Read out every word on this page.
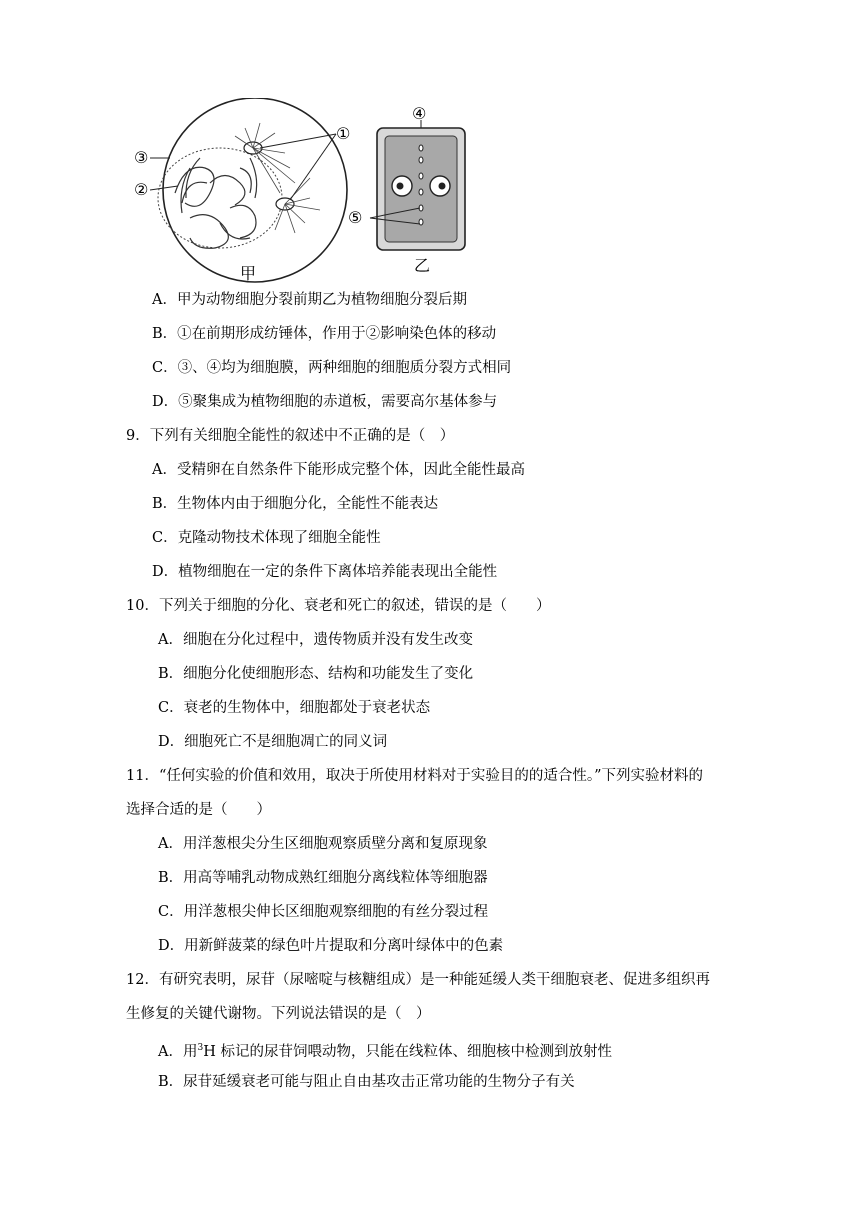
③
②
①
④
⑤
甲	乙
A．甲为动物细胞分裂前期乙为植物细胞分裂后期
B．①在前期形成纺锤体，作用于②影响染色体的移动
C．③、④均为细胞膜，两种细胞的细胞质分裂方式相同
D．⑤聚集成为植物细胞的赤道板，需要高尔基体参与
9．下列有关细胞全能性的叙述中不正确的是（　）
A．受精卵在自然条件下能形成完整个体，因此全能性最高
B．生物体内由于细胞分化，全能性不能表达
C．克隆动物技术体现了细胞全能性
D．植物细胞在一定的条件下离体培养能表现出全能性
10．下列关于细胞的分化、衰老和死亡的叙述，错误的是（　　）
A．细胞在分化过程中，遗传物质并没有发生改变
B．细胞分化使细胞形态、结构和功能发生了变化
C．衰老的生物体中，细胞都处于衰老状态
D．细胞死亡不是细胞凋亡的同义词
11．“任何实验的价值和效用，取决于所使用材料对于实验目的的适合性。”下列实验材料的
选择合适的是（　　）
A．用洋葱根尖分生区细胞观察质壁分离和复原现象
B．用高等哺乳动物成熟红细胞分离线粒体等细胞器
C．用洋葱根尖伸长区细胞观察细胞的有丝分裂过程
D．用新鲜菠菜的绿色叶片提取和分离叶绿体中的色素
12．有研究表明，尿苷（尿嘧啶与核糖组成）是一种能延缓人类干细胞衰老、促进多组织再
生修复的关键代谢物。下列说法错误的是（　）
A．用$^3$H 标记的尿苷饲喂动物，只能在线粒体、细胞核中检测到放射性
B．尿苷延缓衰老可能与阻止自由基攻击正常功能的生物分子有关
